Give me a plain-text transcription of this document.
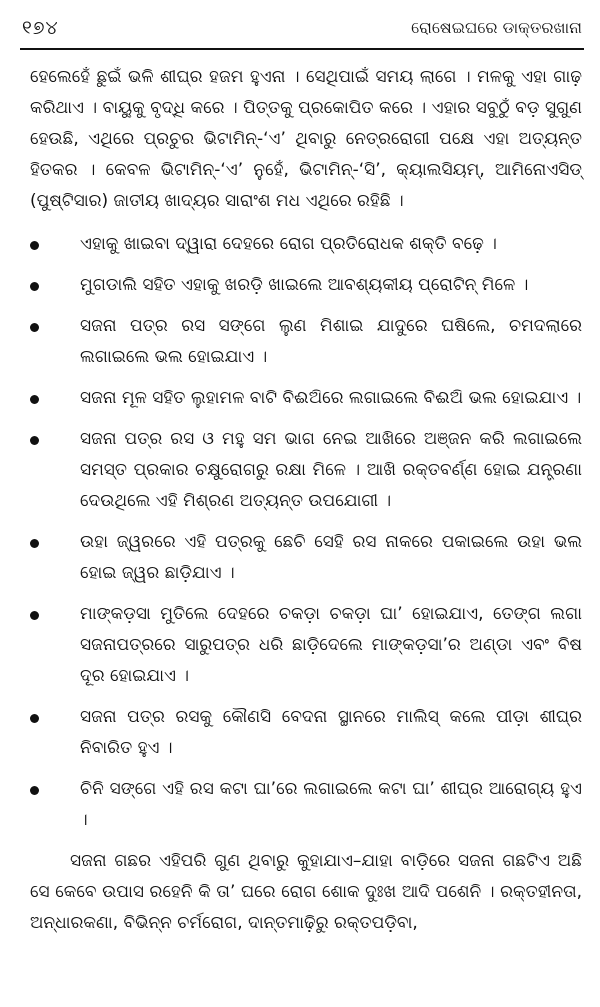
୧୭୪	ରୋଷେଇଘରେ ଡାକ୍ତରଖାନା

ହେଲେହେଁ ଛୁଇଁ ଭଳି ଶୀଘ୍ର ହଜମ ହୁଏନା । ସେଥିପାଇଁ ସମୟ ଲାଗେ । ମଳକୁ ଏହା ଗାଢ଼ କରିଥାଏ । ବାୟୁକୁ ବୃଦ୍ଧି କରେ । ପିତ୍ତକୁ ପ୍ରକୋପିତ କରେ । ଏହାର ସବୁଠୁଁ ବଡ଼ ସୁଗୁଣ ହେଉଛି, ଏଥିରେ ପ୍ରଚୁର ଭିଟାମିନ୍-‘ଏ’ ଥିବାରୁ ନେତ୍ରରୋଗୀ ପକ୍ଷେ ଏହା ଅତ୍ୟନ୍ତ ହିତକର । କେବଳ ଭିଟାମିନ୍-‘ଏ’ ନୁହେଁ, ଭିଟାମିନ୍-‘ସି’, କ୍ୟାଲସିୟମ୍, ଆମିନୋଏସିଡ୍ (ପୁଷ୍ଟିସାର) ଜାତୀୟ ଖାଦ୍ୟର ସାରାଂଶ ମଧ ଏଥିରେ ରହିଛି ।

ଏହାକୁ ଖାଇବା ଦ୍ୱାରା ଦେହରେ ରୋଗ ପ୍ରତିରୋଧକ ଶକ୍ତି ବଢ଼େ ।
ମୁଗଡାଲି ସହିତ ଏହାକୁ ଖରଡ଼ି ଖାଇଲେ ଆବଶ୍ୟକୀୟ ପ୍ରୋଟିନ୍ ମିଳେ ।
ସଜନା ପତ୍ର ରସ ସଙ୍ଗେ ଲୁଣ ମିଶାଇ ଯାଦୁରେ ଘଷିଲେ, ଚମଦଲାରେ ଲଗାଇଲେ ଭଲ ହୋଇଯାଏ ।
ସଜନା ମୂଳ ସହିତ ଲୁହାମଳ ବାଟି ବିଈଅିରେ ଲଗାଇଲେ ବିଈଅି ଭଲ ହୋଇଯାଏ ।
ସଜନା ପତ୍ର ରସ ଓ ମହୁ ସମ ଭାଗ ନେଇ ଆଖିରେ ଅଞ୍ଜନ କରି ଲଗାଇଲେ ସମସ୍ତ ପ୍ରକାର ଚକ୍ଷୁରୋଗରୁ ରକ୍ଷା ମିଳେ । ଆଖି ରକ୍ତବର୍ଣ୍ଣ ହୋଇ ଯନ୍ତ୍ରଣା ଦେଉଥିଲେ ଏହି ମିଶ୍ରଣ ଅତ୍ୟନ୍ତ ଉପଯୋଗୀ ।
ଉହା ଜ୍ୱରରେ ଏହି ପତ୍ରକୁ ଛେଚି ସେହି ରସ ନାକରେ ପକାଇଲେ ଉହା ଭଲ ହୋଇ ଜ୍ୱର ଛାଡ଼ିଯାଏ ।
ମାଙ୍କଡ଼ସା ମୁତିଲେ ଦେହରେ ଚକଡ଼ା ଚକଡ଼ା ଘା’ ହୋଇଯାଏ, ତେଙ୍ଗ ଲଗା ସଜନାପତ୍ରରେ ସାରୁପତ୍ର ଧରି ଛାଡ଼ିଦେଲେ ମାଙ୍କଡ଼ସା’ର ଅଣ୍ଡା ଏବଂ ବିଷ ଦୂର ହୋଇଯାଏ ।
ସଜନା ପତ୍ର ରସକୁ କୌଣସି ବେଦନା ସ୍ଥାନରେ ମାଲିସ୍ କଲେ ପୀଡ଼ା ଶୀଘ୍ର ନିବାରିତ ହୁଏ ।
ଚିନି ସଙ୍ଗେ ଏହି ରସ କଟା ଘା’ରେ ଲଗାଇଲେ କଟା ଘା’ ଶୀଘ୍ର ଆରୋଗ୍ୟ ହୁଏ ।

ସଜନା ଗଛର ଏହିପରି ଗୁଣ ଥିବାରୁ କୁହାଯାଏ–ଯାହା ବାଡ଼ିରେ ସଜନା ଗଛଟିଏ ଅଛି ସେ କେବେ ଉପାସ ରହେନି କି ତା’ ଘରେ ରୋଗ ଶୋକ ଦୁଃଖ ଆଦି ପଶେନି । ରକ୍ତହୀନତା, ଅନ୍ଧାରକଣା, ବିଭିନ୍ନ ଚର୍ମରୋଗ, ଦାନ୍ତମାଢ଼ିରୁ ରକ୍ତପଡ଼ିବା,
